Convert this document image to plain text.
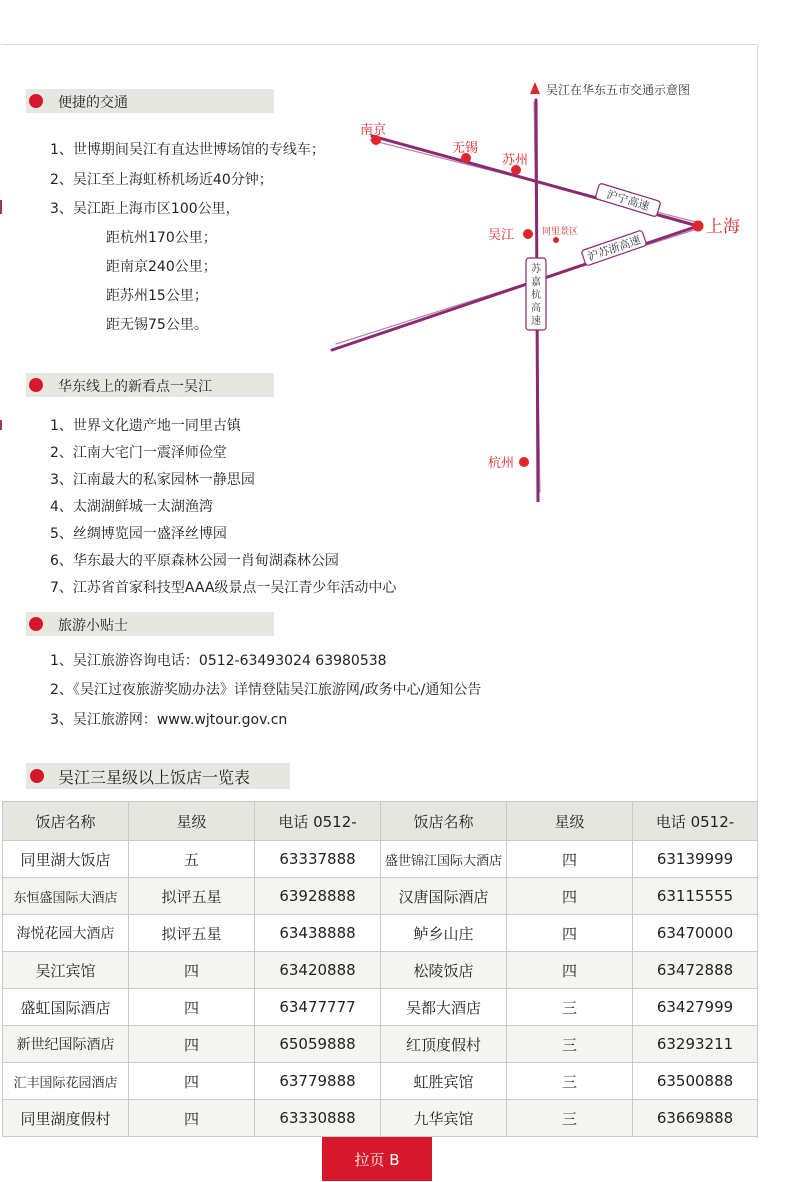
便捷的交通
1、世博期间吴江有直达世博场馆的专线车；
2、吴江至上海虹桥机场近40分钟；
3、吴江距上海市区100公里，
距杭州170公里；
距南京240公里；
距苏州15公里；
距无锡75公里。
吴江在华东五市交通示意图
沪宁高速
沪苏浙高速
苏
嘉
杭
高
速
南京
无锡
苏州
上海
吴江	同里景区
杭州
华东线上的新看点一吴江
1、世界文化遗产地一同里古镇
2、江南大宅门一震泽师俭堂
3、江南最大的私家园林一静思园
4、太湖湖鲜城一太湖渔湾
5、丝绸博览园一盛泽丝博园
6、华东最大的平原森林公园一肖甸湖森林公园
7、江苏省首家科技型AAA级景点一吴江青少年活动中心
旅游小贴士
1、吴江旅游咨询电话：0512-63493024 63980538
2、《吴江过夜旅游奖励办法》详情登陆吴江旅游网/政务中心/通知公告
3、吴江旅游网：www.wjtour.gov.cn
吴江三星级以上饭店一览表
饭店名称	星级	电话 0512-	饭店名称	星级	电话 0512-
同里湖大饭店	五	63337888	盛世锦江国际大酒店	四	63139999
东恒盛国际大酒店	拟评五星	63928888	汉唐国际酒店	四	63115555
海悦花园大酒店	拟评五星	63438888	鲈乡山庄	四	63470000
吴江宾馆	四	63420888	松陵饭店	四	63472888
盛虹国际酒店	四	63477777	吴都大酒店	三	63427999
新世纪国际酒店	四	65059888	红顶度假村	三	63293211
汇丰国际花园酒店	四	63779888	虹胜宾馆	三	63500888
同里湖度假村	四	63330888	九华宾馆	三	63669888
拉页 B
